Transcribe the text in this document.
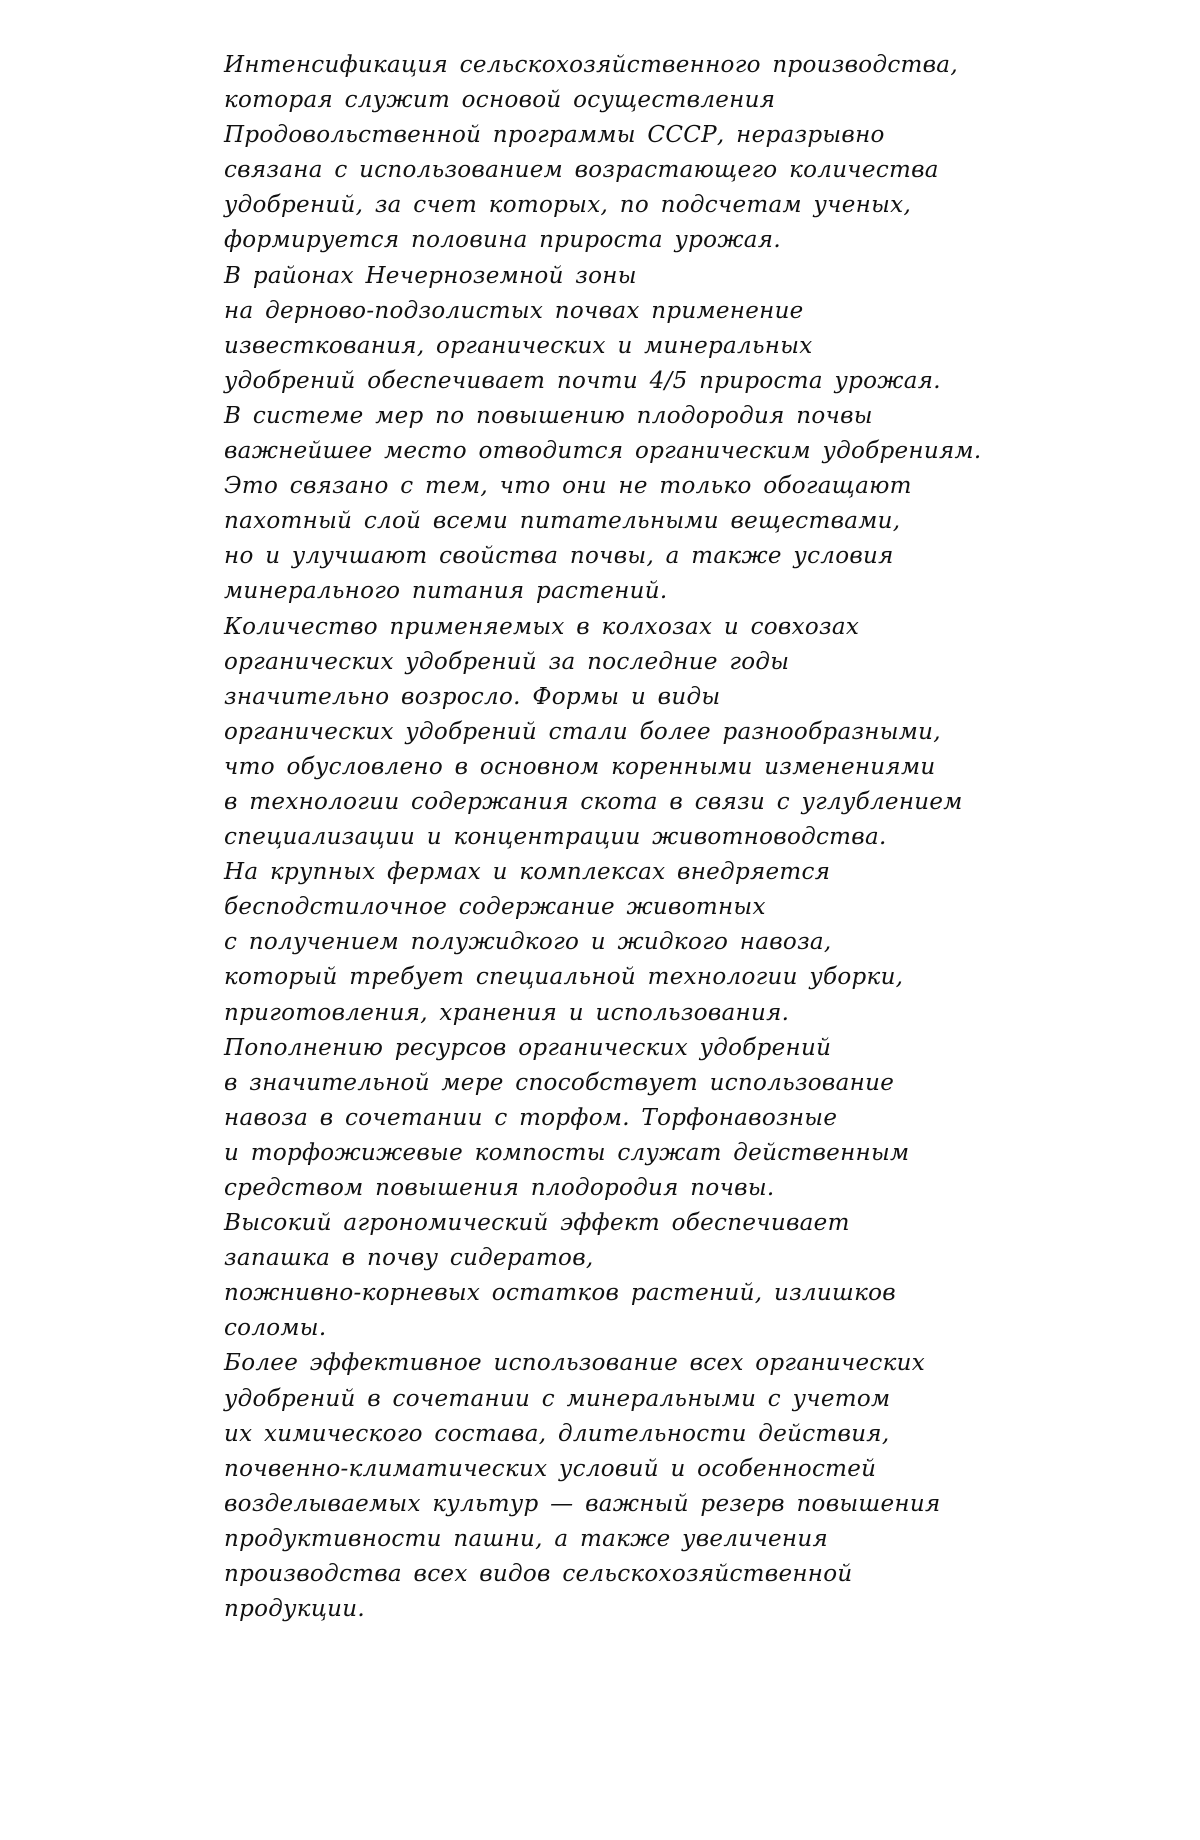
Интенсификация сельскохозяйственного производства,
которая служит основой осуществления
Продовольственной программы СССР, неразрывно
связана с использованием возрастающего количества
удобрений, за счет которых, по подсчетам ученых,
формируется половина прироста урожая.
В районах Нечерноземной зоны
на дерново-подзолистых почвах применение
известкования, органических и минеральных
удобрений обеспечивает почти 4/5 прироста урожая.
В системе мер по повышению плодородия почвы
важнейшее место отводится органическим удобрениям.
Это связано с тем, что они не только обогащают
пахотный слой всеми питательными веществами,
но и улучшают свойства почвы, а также условия
минерального питания растений.
Количество применяемых в колхозах и совхозах
органических удобрений за последние годы
значительно возросло. Формы и виды
органических удобрений стали более разнообразными,
что обусловлено в основном коренными изменениями
в технологии содержания скота в связи с углублением
специализации и концентрации животноводства.
На крупных фермах и комплексах внедряется
бесподстилочное содержание животных
с получением полужидкого и жидкого навоза,
который требует специальной технологии уборки,
приготовления, хранения и использования.
Пополнению ресурсов органических удобрений
в значительной мере способствует использование
навоза в сочетании с торфом. Торфонавозные
и торфожижевые компосты служат действенным
средством повышения плодородия почвы.
Высокий агрономический эффект обеспечивает
запашка в почву сидератов,
пожнивно-корневых остатков растений, излишков
соломы.
Более эффективное использование всех органических
удобрений в сочетании с минеральными с учетом
их химического состава, длительности действия,
почвенно-климатических условий и особенностей
возделываемых культур — важный резерв повышения
продуктивности пашни, а также увеличения
производства всех видов сельскохозяйственной
продукции.
